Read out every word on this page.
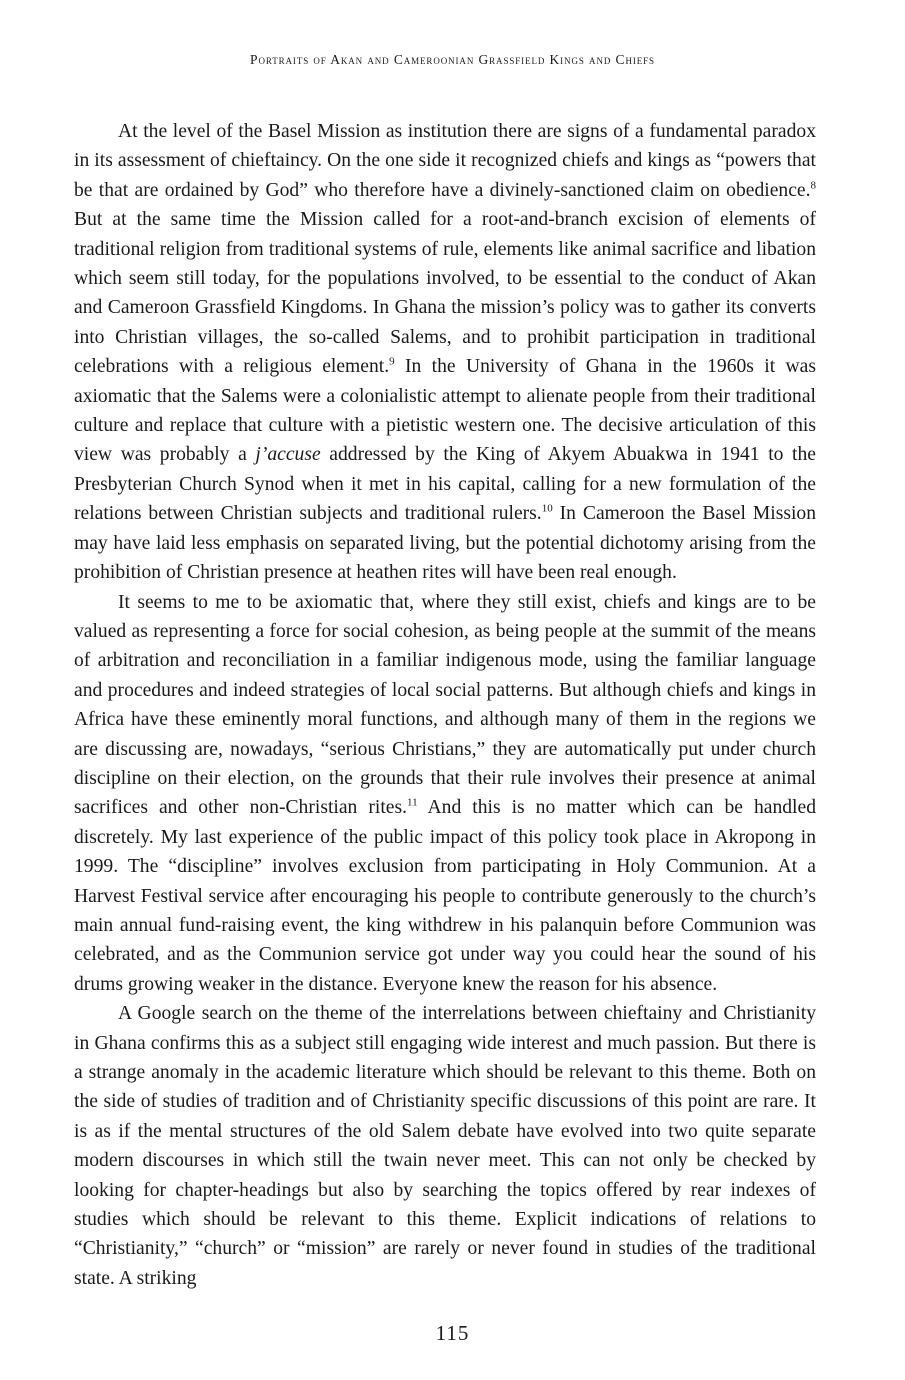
Portraits of Akan and Cameroonian Grassfield Kings and Chiefs

At the level of the Basel Mission as institution there are signs of a fundamental paradox in its assessment of chieftaincy. On the one side it recognized chiefs and kings as “powers that be that are ordained by God” who therefore have a divinely-sanctioned claim on obedience.$^8$ But at the same time the Mission called for a root-and-branch excision of elements of traditional religion from traditional systems of rule, elements like animal sacrifice and libation which seem still today, for the populations involved, to be essential to the conduct of Akan and Cameroon Grassfield Kingdoms. In Ghana the mission’s policy was to gather its converts into Christian villages, the so-called Salems, and to prohibit participation in traditional celebrations with a religious element.$^9$ In the University of Ghana in the 1960s it was axiomatic that the Salems were a colonialistic attempt to alienate people from their traditional culture and replace that culture with a pietistic western one. The decisive articulation of this view was probably a j’accuse addressed by the King of Akyem Abuakwa in 1941 to the Presbyterian Church Synod when it met in his capital, calling for a new formulation of the relations between Christian subjects and traditional rulers.$^{10}$ In Cameroon the Basel Mission may have laid less emphasis on separated living, but the potential dichotomy arising from the prohibition of Christian presence at heathen rites will have been real enough.

It seems to me to be axiomatic that, where they still exist, chiefs and kings are to be valued as representing a force for social cohesion, as being people at the summit of the means of arbitration and reconciliation in a familiar indigenous mode, using the familiar language and procedures and indeed strategies of local social patterns. But although chiefs and kings in Africa have these eminently moral functions, and although many of them in the regions we are discussing are, nowadays, “serious Christians,” they are automatically put under church discipline on their election, on the grounds that their rule involves their presence at animal sacrifices and other non-Christian rites.$^{11}$ And this is no matter which can be handled discretely. My last experience of the public impact of this policy took place in Akropong in 1999. The “discipline” involves exclusion from participating in Holy Communion. At a Harvest Festival service after encouraging his people to contribute generously to the church’s main annual fund-raising event, the king withdrew in his palanquin before Communion was celebrated, and as the Communion service got under way you could hear the sound of his drums growing weaker in the distance. Everyone knew the reason for his absence.

A Google search on the theme of the interrelations between chieftainy and Christianity in Ghana confirms this as a subject still engaging wide interest and much passion. But there is a strange anomaly in the academic literature which should be relevant to this theme. Both on the side of studies of tradition and of Christianity specific discussions of this point are rare. It is as if the mental structures of the old Salem debate have evolved into two quite separate modern discourses in which still the twain never meet. This can not only be checked by looking for chapter-headings but also by searching the topics offered by rear indexes of studies which should be relevant to this theme. Explicit indications of relations to “Christianity,” “church” or “mission” are rarely or never found in studies of the traditional state. A striking

115
